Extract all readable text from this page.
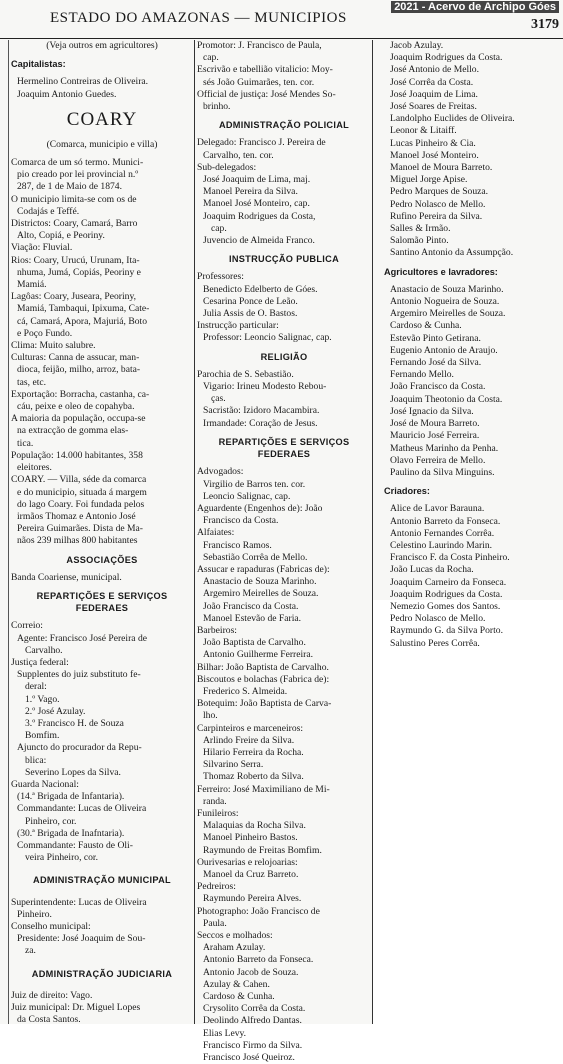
ESTADO DO AMAZONAS — MUNICIPIOS
2021 - Acervo de Archipo Góes
3179
(Veja outros em agricultores)
Capitalistas:
Hermelino Contreiras de Oliveira.
Joaquim Antonio Guedes.
COARY
(Comarca, municipio e villa)
Comarca de um só termo. Munici-
pio creado por lei provincial n.º
287, de 1 de Maio de 1874.
O municipio limita-se com os de
Codajás e Teffé.
Districtos: Coary, Camará, Barro
Alto, Copiá, e Peoriny.
Viação: Fluvial.
Rios: Coary, Urucú, Urunam, Ita-
nhuma, Jumá, Copiás, Peoriny e
Mamiá.
Lagôas: Coary, Juseara, Peoriny,
Mamiá, Tambaqui, Ipixuma, Cate-
cá, Camará, Apora, Majuriá, Boto
e Poço Fundo.
Clima: Muito salubre.
Culturas: Canna de assucar, man-
dioca, feijão, milho, arroz, bata-
tas, etc.
Exportação: Borracha, castanha, ca-
cáu, peixe e oleo de copahyba.
A maioria da população, occupa-se
na extracção de gomma elas-
tica.
População: 14.000 habitantes, 358
eleitores.
COARY. — Villa, séde da comarca
e do municipio, situada á margem
do lago Coary. Foi fundada pelos
irmãos Thomaz e Antonio José
Pereira Guimarães. Dista de Ma-
nãos 239 milhas 800 habitantes
ASSOCIAÇÕES
Banda Coariense, municipal.
REPARTIÇÕES E SERVIÇOS
FEDERAES
Correio:
Agente: Francisco José Pereira de
Carvalho.
Justiça federal:
Supplentes do juiz substituto fe-
deral:
1.º Vago.
2.º José Azulay.
3.º Francisco H. de Souza
Bomfim.
Ajuncto do procurador da Repu-
blica:
Severino Lopes da Silva.
Guarda Nacional:
(14.ª Brigada de Infantaria).
Commandante: Lucas de Oliveira
Pinheiro, cor.
(30.ª Brigada de Inafntaria).
Commandante: Fausto de Oli-
veira Pinheiro, cor.
ADMINISTRAÇÃO MUNICIPAL
Superintendente: Lucas de Oliveira
Pinheiro.
Conselho municipal:
Presidente: José Joaquim de Sou-
za.
ADMINISTRAÇÃO JUDICIARIA
Juiz de direito: Vago.
Juiz municipal: Dr. Miguel Lopes
da Costa Santos.
Promotor: J. Francisco de Paula,
cap.
Escrivão e tabellião vitalicio: Moy-
sés João Guimarães, ten. cor.
Official de justiça: José Mendes So-
brinho.
ADMINISTRAÇÃO POLICIAL
Delegado: Francisco J. Pereira de
Carvalho, ten. cor.
Sub-delegados:
José Joaquim de Lima, maj.
Manoel Pereira da Silva.
Manoel José Monteiro, cap.
Joaquim Rodrigues da Costa,
cap.
Juvencio de Almeida Franco.
INSTRUCÇÃO PUBLICA
Professores:
Benedicto Edelberto de Góes.
Cesarina Ponce de Leão.
Julia Assis de O. Bastos.
Instrucção particular:
Professor: Leoncio Salignac, cap.
RELIGIÃO
Parochia de S. Sebastião.
Vigario: Irineu Modesto Rebou-
ças.
Sacristão: Izidoro Macambira.
Irmandade: Coração de Jesus.
REPARTIÇÕES E SERVIÇOS
FEDERAES
Advogados:
Virgilio de Barros ten. cor.
Leoncio Salignac, cap.
Aguardente (Engenhos de): João
Francisco da Costa.
Alfaiates:
Francisco Ramos.
Sebastião Corrêa de Mello.
Assucar e rapaduras (Fabricas de):
Anastacio de Souza Marinho.
Argemiro Meirelles de Souza.
João Francisco da Costa.
Manoel Estevão de Faria.
Barbeiros:
João Baptista de Carvalho.
Antonio Guilherme Ferreira.
Bilhar: João Baptista de Carvalho.
Biscoutos e bolachas (Fabrica de):
Frederico S. Almeida.
Botequim: João Baptista de Carva-
lho.
Carpinteiros e marceneiros:
Arlindo Freire da Silva.
Hilario Ferreira da Rocha.
Silvarino Serra.
Thomaz Roberto da Silva.
Ferreiro: José Maximiliano de Mi-
randa.
Funileiros:
Malaquias da Rocha Silva.
Manoel Pinheiro Bastos.
Raymundo de Freitas Bomfim.
Ourivesarias e relojoarias:
Manoel da Cruz Barreto.
Pedreiros:
Raymundo Pereira Alves.
Photographo: João Francisco de
Paula.
Seccos e molhados:
Araham Azulay.
Antonio Barreto da Fonseca.
Antonio Jacob de Souza.
Azulay & Cahen.
Cardoso & Cunha.
Crysolito Corrêa da Costa.
Deolindo Alfredo Dantas.
Elias Levy.
Francisco Firmo da Silva.
Francisco José Queiroz.
Jacob Azulay.
Joaquim Rodrigues da Costa.
José Antonio de Mello.
José Corrêa da Costa.
José Joaquim de Lima.
José Soares de Freitas.
Landolpho Euclides de Oliveira.
Leonor & Litaiff.
Lucas Pinheiro & Cia.
Manoel José Monteiro.
Manoel de Moura Barreto.
Miguel Jorge Apise.
Pedro Marques de Souza.
Pedro Nolasco de Mello.
Rufino Pereira da Silva.
Salles & Irmão.
Salomão Pinto.
Santino Antonio da Assumpção.
Agricultores e lavradores:
Anastacio de Souza Marinho.
Antonio Nogueira de Souza.
Argemiro Meirelles de Souza.
Cardoso & Cunha.
Estevão Pinto Getirana.
Eugenio Antonio de Araujo.
Fernando José da Silva.
Fernando Mello.
João Francisco da Costa.
Joaquim Theotonio da Costa.
José Ignacio da Silva.
José de Moura Barreto.
Mauricio José Ferreira.
Matheus Marinho da Penha.
Olavo Ferreira de Mello.
Paulino da Silva Minguins.
Criadores:
Alice de Lavor Barauna.
Antonio Barreto da Fonseca.
Antonio Fernandes Corrêa.
Celestino Laurindo Marin.
Francisco F. da Costa Pinheiro.
João Lucas da Rocha.
Joaquim Carneiro da Fonseca.
Joaquim Rodrigues da Costa.
Nemezio Gomes dos Santos.
Pedro Nolasco de Mello.
Raymundo G. da Silva Porto.
Salustino Peres Corrêa.
